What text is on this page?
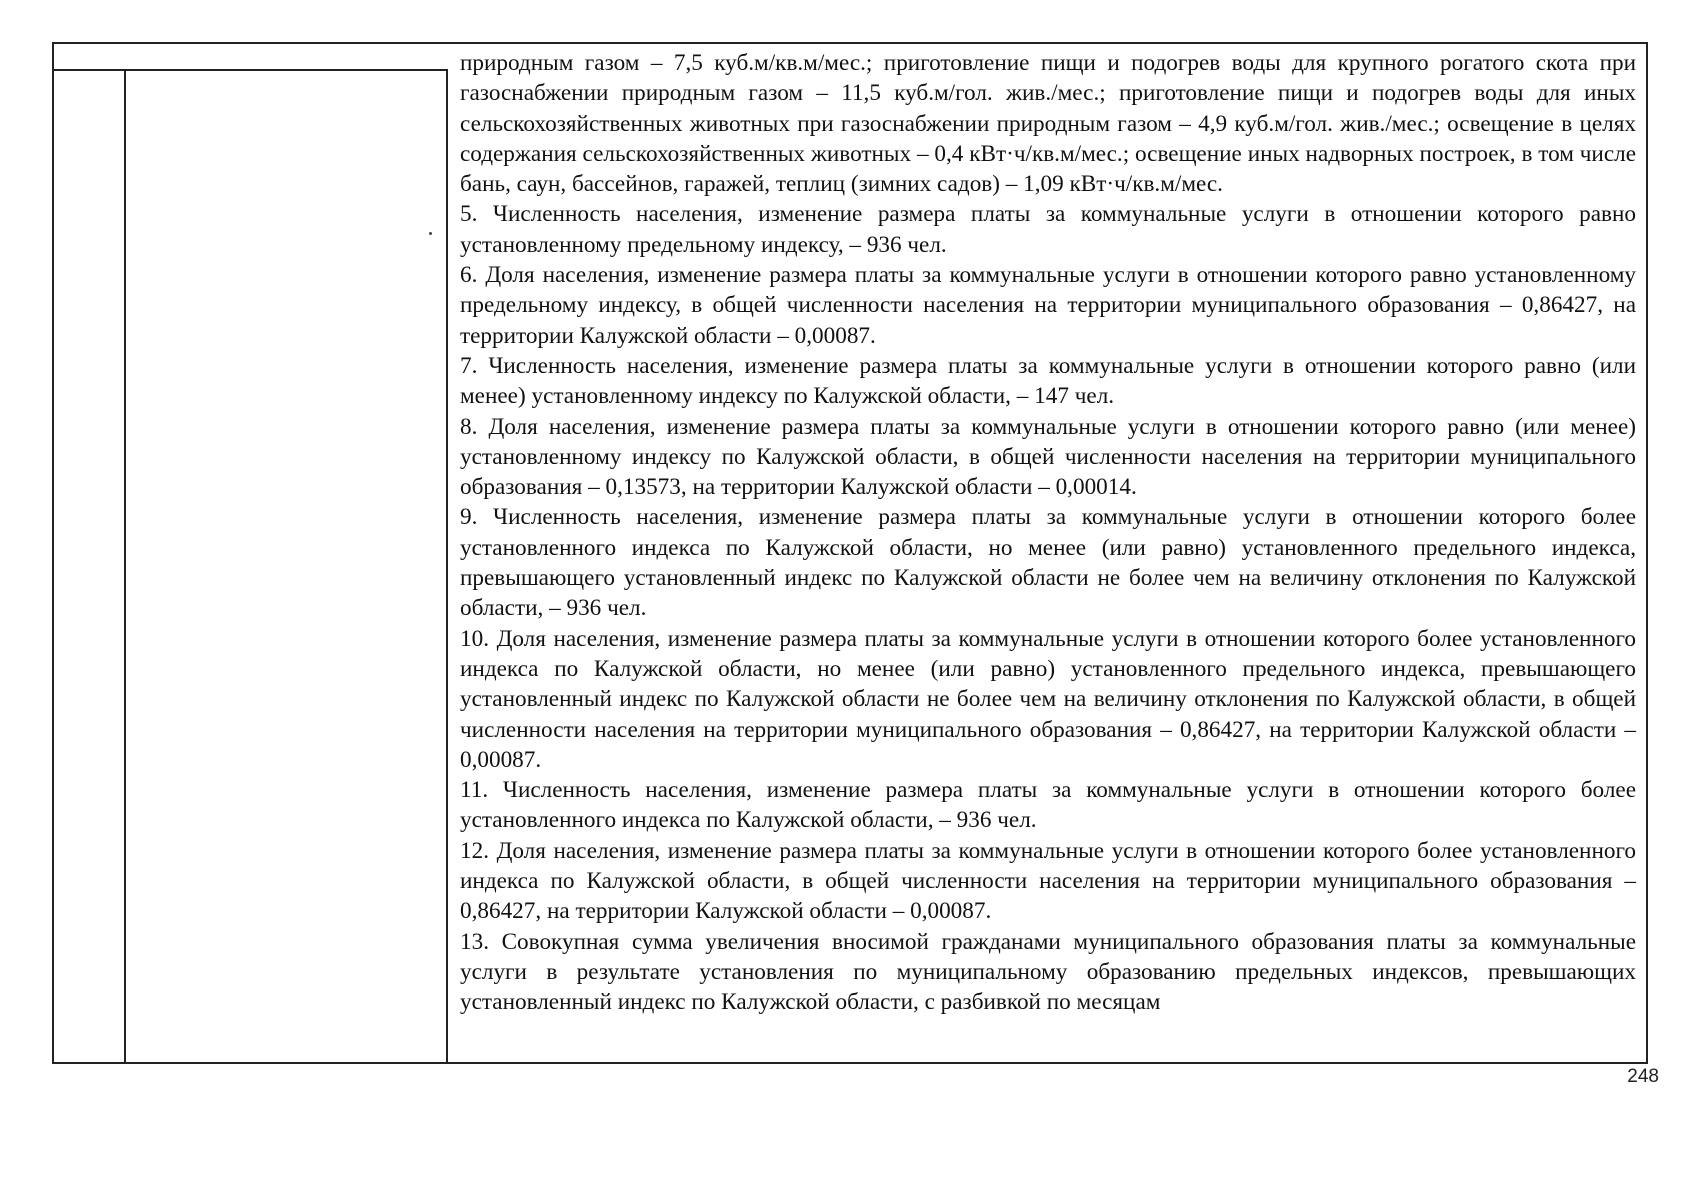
природным газом – 7,5 куб.м/кв.м/мес.; приготовление пищи и подогрев воды для крупного рогатого скота при газоснабжении природным газом – 11,5 куб.м/гол. жив./мес.; приготовление пищи и подогрев воды для иных сельскохозяйственных животных при газоснабжении природным газом – 4,9 куб.м/гол. жив./мес.; освещение в целях содержания сельскохозяйственных животных – 0,4 кВт·ч/кв.м/мес.; освещение иных надворных построек, в том числе бань, саун, бассейнов, гаражей, теплиц (зимних садов) – 1,09 кВт·ч/кв.м/мес.

5. Численность населения, изменение размера платы за коммунальные услуги в отношении которого равно установленному предельному индексу, – 936 чел.

6. Доля населения, изменение размера платы за коммунальные услуги в отношении которого равно установленному предельному индексу, в общей численности населения на территории муниципального образования – 0,86427, на территории Калужской области – 0,00087.

7. Численность населения, изменение размера платы за коммунальные услуги в отношении которого равно (или менее) установленному индексу по Калужской области, – 147 чел.

8. Доля населения, изменение размера платы за коммунальные услуги в отношении которого равно (или менее) установленному индексу по Калужской области, в общей численности населения на территории муниципального образования – 0,13573, на территории Калужской области – 0,00014.

9. Численность населения, изменение размера платы за коммунальные услуги в отношении которого более установленного индекса по Калужской области, но менее (или равно) установленного предельного индекса, превышающего установленный индекс по Калужской области не более чем на величину отклонения по Калужской области, – 936 чел.

10. Доля населения, изменение размера платы за коммунальные услуги в отношении которого более установленного индекса по Калужской области, но менее (или равно) установленного предельного индекса, превышающего установленный индекс по Калужской области не более чем на величину отклонения по Калужской области, в общей численности населения на территории муниципального образования – 0,86427, на территории Калужской области – 0,00087.

11. Численность населения, изменение размера платы за коммунальные услуги в отношении которого более установленного индекса по Калужской области, – 936 чел.

12. Доля населения, изменение размера платы за коммунальные услуги в отношении которого более установленного индекса по Калужской области, в общей численности населения на территории муниципального образования – 0,86427, на территории Калужской области – 0,00087.

13. Совокупная сумма увеличения вносимой гражданами муниципального образования платы за коммунальные услуги в результате установления по муниципальному образованию предельных индексов, превышающих установленный индекс по Калужской области, с разбивкой по месяцам

248
